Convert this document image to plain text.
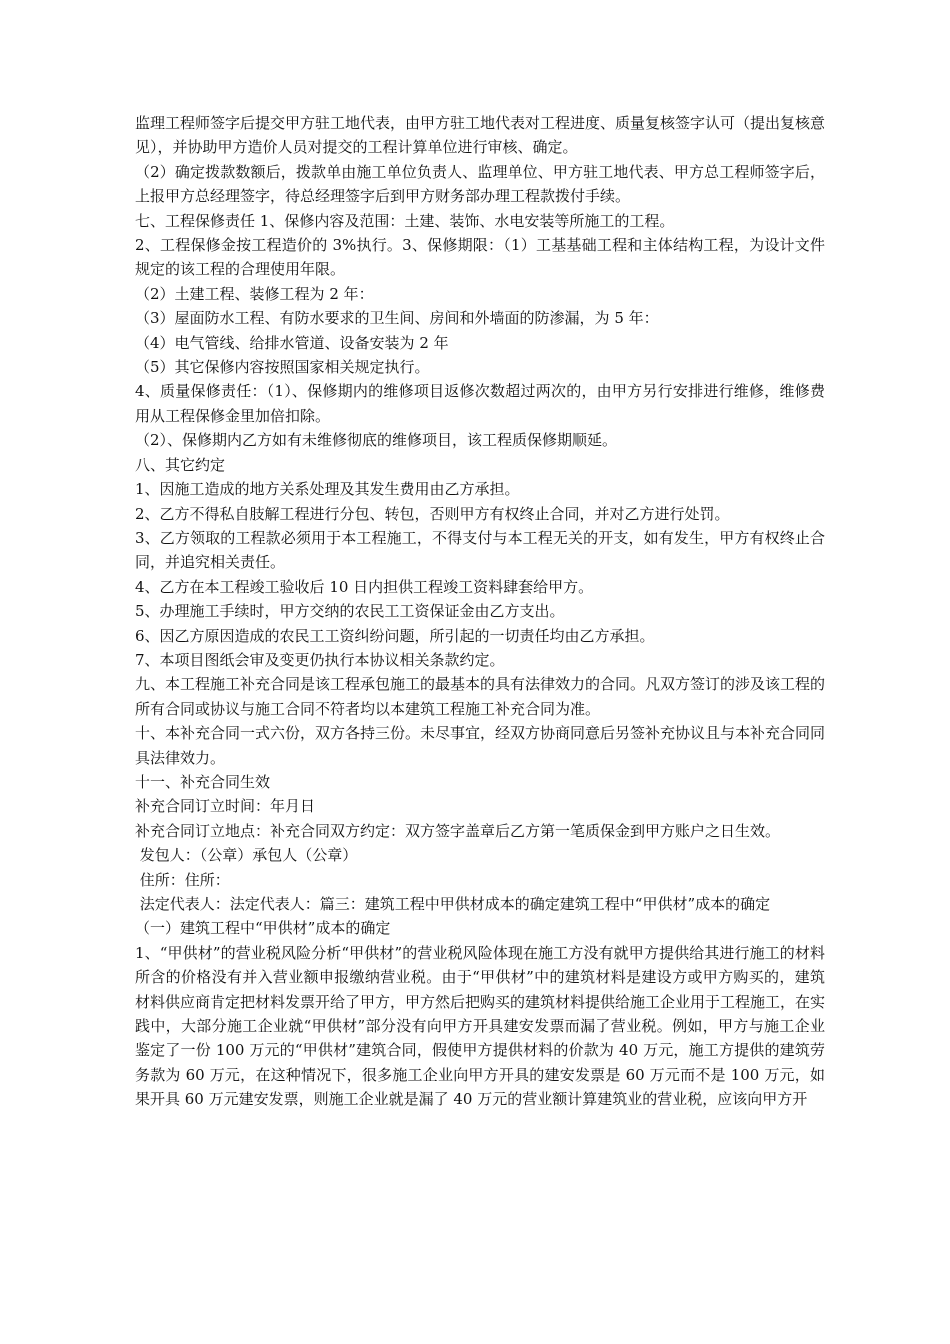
监理工程师签字后提交甲方驻工地代表，由甲方驻工地代表对工程进度、质量复核签字认可（提出复核意见），并协助甲方造价人员对提交的工程计算单位进行审核、确定。

（2）确定拨款数额后，拨款单由施工单位负责人、监理单位、甲方驻工地代表、甲方总工程师签字后，上报甲方总经理签字，待总经理签字后到甲方财务部办理工程款拨付手续。

七、工程保修责任 1、保修内容及范围：土建、装饰、水电安装等所施工的工程。

2、工程保修金按工程造价的 3%执行。3、保修期限：（1）工基基础工程和主体结构工程，为设计文件规定的该工程的合理使用年限。

（2）土建工程、装修工程为 2 年：

（3）屋面防水工程、有防水要求的卫生间、房间和外墙面的防渗漏，为 5 年：

（4）电气管线、给排水管道、设备安装为 2 年

（5）其它保修内容按照国家相关规定执行。

4、质量保修责任：（1）、保修期内的维修项目返修次数超过两次的，由甲方另行安排进行维修，维修费用从工程保修金里加倍扣除。

（2）、保修期内乙方如有未维修彻底的维修项目，该工程质保修期顺延。

八、其它约定

1、因施工造成的地方关系处理及其发生费用由乙方承担。

2、乙方不得私自肢解工程进行分包、转包，否则甲方有权终止合同，并对乙方进行处罚。

3、乙方领取的工程款必须用于本工程施工，不得支付与本工程无关的开支，如有发生，甲方有权终止合同，并追究相关责任。

4、乙方在本工程竣工验收后 10 日内担供工程竣工资料肆套给甲方。

5、办理施工手续时，甲方交纳的农民工工资保证金由乙方支出。

6、因乙方原因造成的农民工工资纠纷问题，所引起的一切责任均由乙方承担。

7、本项目图纸会审及变更仍执行本协议相关条款约定。

九、本工程施工补充合同是该工程承包施工的最基本的具有法律效力的合同。凡双方签订的涉及该工程的所有合同或协议与施工合同不符者均以本建筑工程施工补充合同为准。

十、本补充合同一式六份，双方各持三份。未尽事宜，经双方协商同意后另签补充协议且与本补充合同同具法律效力。

十一、补充合同生效

补充合同订立时间：年月日

补充合同订立地点：补充合同双方约定：双方签字盖章后乙方第一笔质保金到甲方账户之日生效。

发包人：（公章）承包人（公章）

住所：住所：

法定代表人：法定代表人：篇三：建筑工程中甲供材成本的确定建筑工程中“甲供材”成本的确定

（一）建筑工程中“甲供材”成本的确定

1、“甲供材”的营业税风险分析“甲供材”的营业税风险体现在施工方没有就甲方提供给其进行施工的材料所含的价格没有并入营业额申报缴纳营业税。由于“甲供材”中的建筑材料是建设方或甲方购买的，建筑材料供应商肯定把材料发票开给了甲方，甲方然后把购买的建筑材料提供给施工企业用于工程施工，在实践中，大部分施工企业就“甲供材”部分没有向甲方开具建安发票而漏了营业税。例如，甲方与施工企业鉴定了一份 100 万元的“甲供材”建筑合同，假使甲方提供材料的价款为 40 万元，施工方提供的建筑劳务款为 60 万元，在这种情况下，很多施工企业向甲方开具的建安发票是 60 万元而不是 100 万元，如果开具 60 万元建安发票，则施工企业就是漏了 40 万元的营业额计算建筑业的营业税，应该向甲方开
